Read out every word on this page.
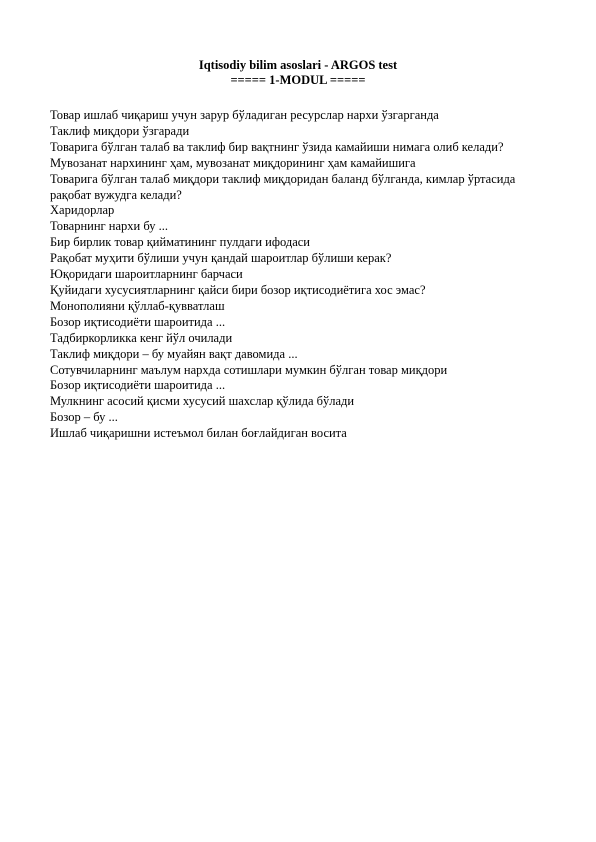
Iqtisodiy bilim asoslari - ARGOS test
===== 1-MODUL =====

Товар ишлаб чиқариш учун зарур бўладиган ресурслар нархи ўзгарганда

Таклиф миқдори ўзгаради

Товарига бўлган талаб ва таклиф бир вақтнинг ўзида камайиши нимага олиб келади?

Мувозанат нархининг ҳам, мувозанат миқдорининг ҳам камайишига

Товарига бўлган талаб миқдори таклиф миқдоридан баланд бўлганда, кимлар ўртасида рақобат вужудга келади?

Харидорлар

Товарнинг нархи бу ...

Бир бирлик товар қийматининг пулдаги ифодаси

Рақобат муҳити бўлиши учун қандай шароитлар бўлиши керак?

Юқоридаги шароитларнинг барчаси

Қуйидаги хусусиятларнинг қайси бири бозор иқтисодиётига хос эмас?

Монополияни қўллаб-қувватлаш

Бозор иқтисодиёти шароитида ...

Тадбиркорликка кенг йўл очилади

Таклиф миқдори – бу муайян вақт давомида ...

Сотувчиларнинг маълум нархда сотишлари мумкин бўлган товар миқдори

Бозор иқтисодиёти шароитида ...

Мулкнинг асосий қисми хусусий шахслар қўлида бўлади

Бозор – бу ...

Ишлаб чиқаришни истеъмол билан боғлайдиган восита
